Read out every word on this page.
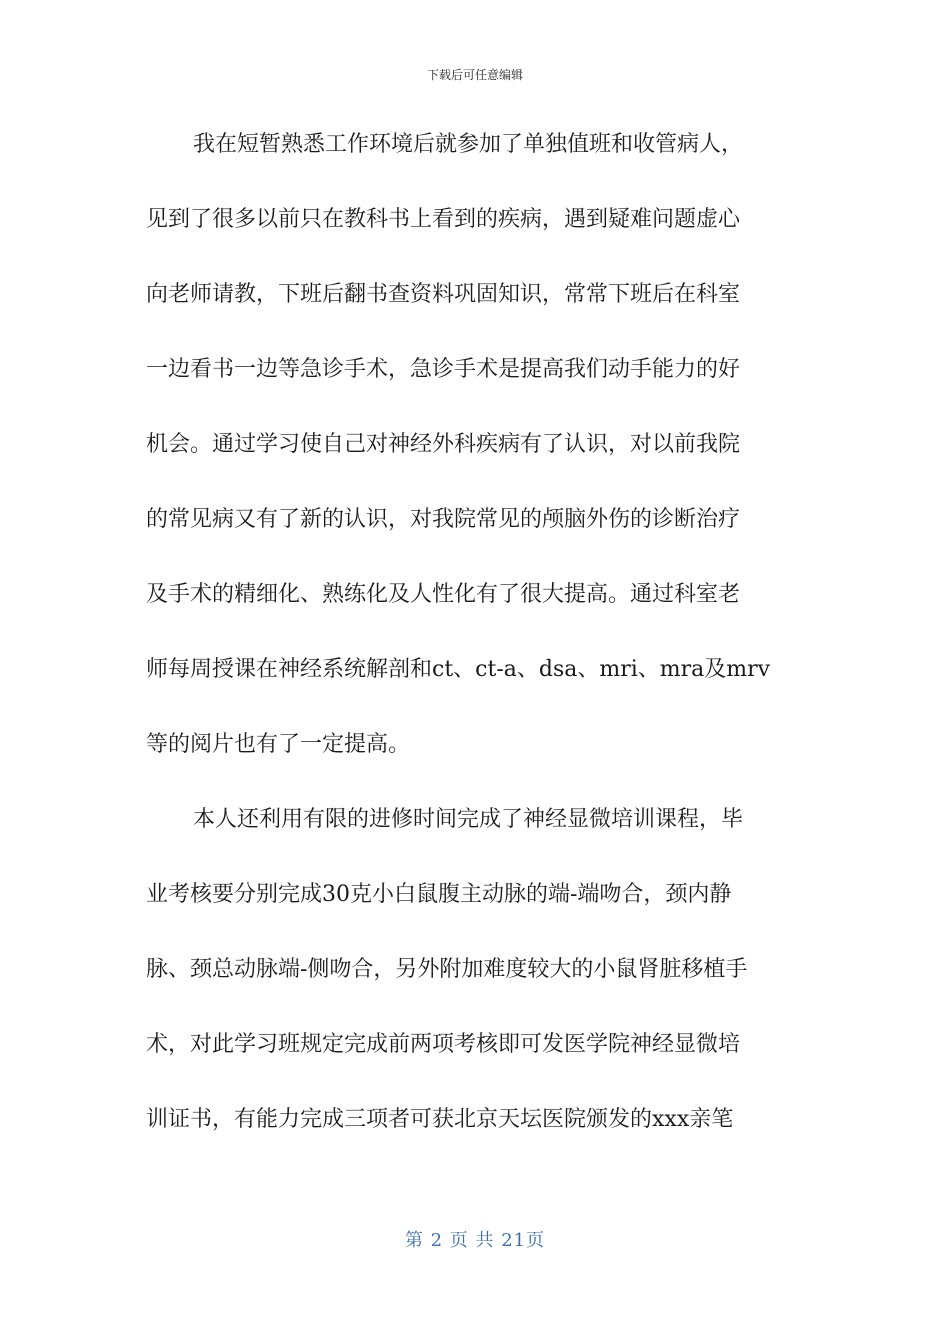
下载后可任意编辑
我在短暂熟悉工作环境后就参加了单独值班和收管病人，
见到了很多以前只在教科书上看到的疾病，遇到疑难问题虚心
向老师请教，下班后翻书查资料巩固知识，常常下班后在科室
一边看书一边等急诊手术，急诊手术是提高我们动手能力的好
机会。通过学习使自己对神经外科疾病有了认识，对以前我院
的常见病又有了新的认识，对我院常见的颅脑外伤的诊断治疗
及手术的精细化、熟练化及人性化有了很大提高。通过科室老
师每周授课在神经系统解剖和ct、ct-a、dsa、mri、mra及mrv
等的阅片也有了一定提高。
本人还利用有限的进修时间完成了神经显微培训课程，毕
业考核要分别完成30克小白鼠腹主动脉的端-端吻合，颈内静
脉、颈总动脉端-侧吻合，另外附加难度较大的小鼠肾脏移植手
术，对此学习班规定完成前两项考核即可发医学院神经显微培
训证书，有能力完成三项者可获北京天坛医院颁发的xxx亲笔
第 2 页 共 21页
